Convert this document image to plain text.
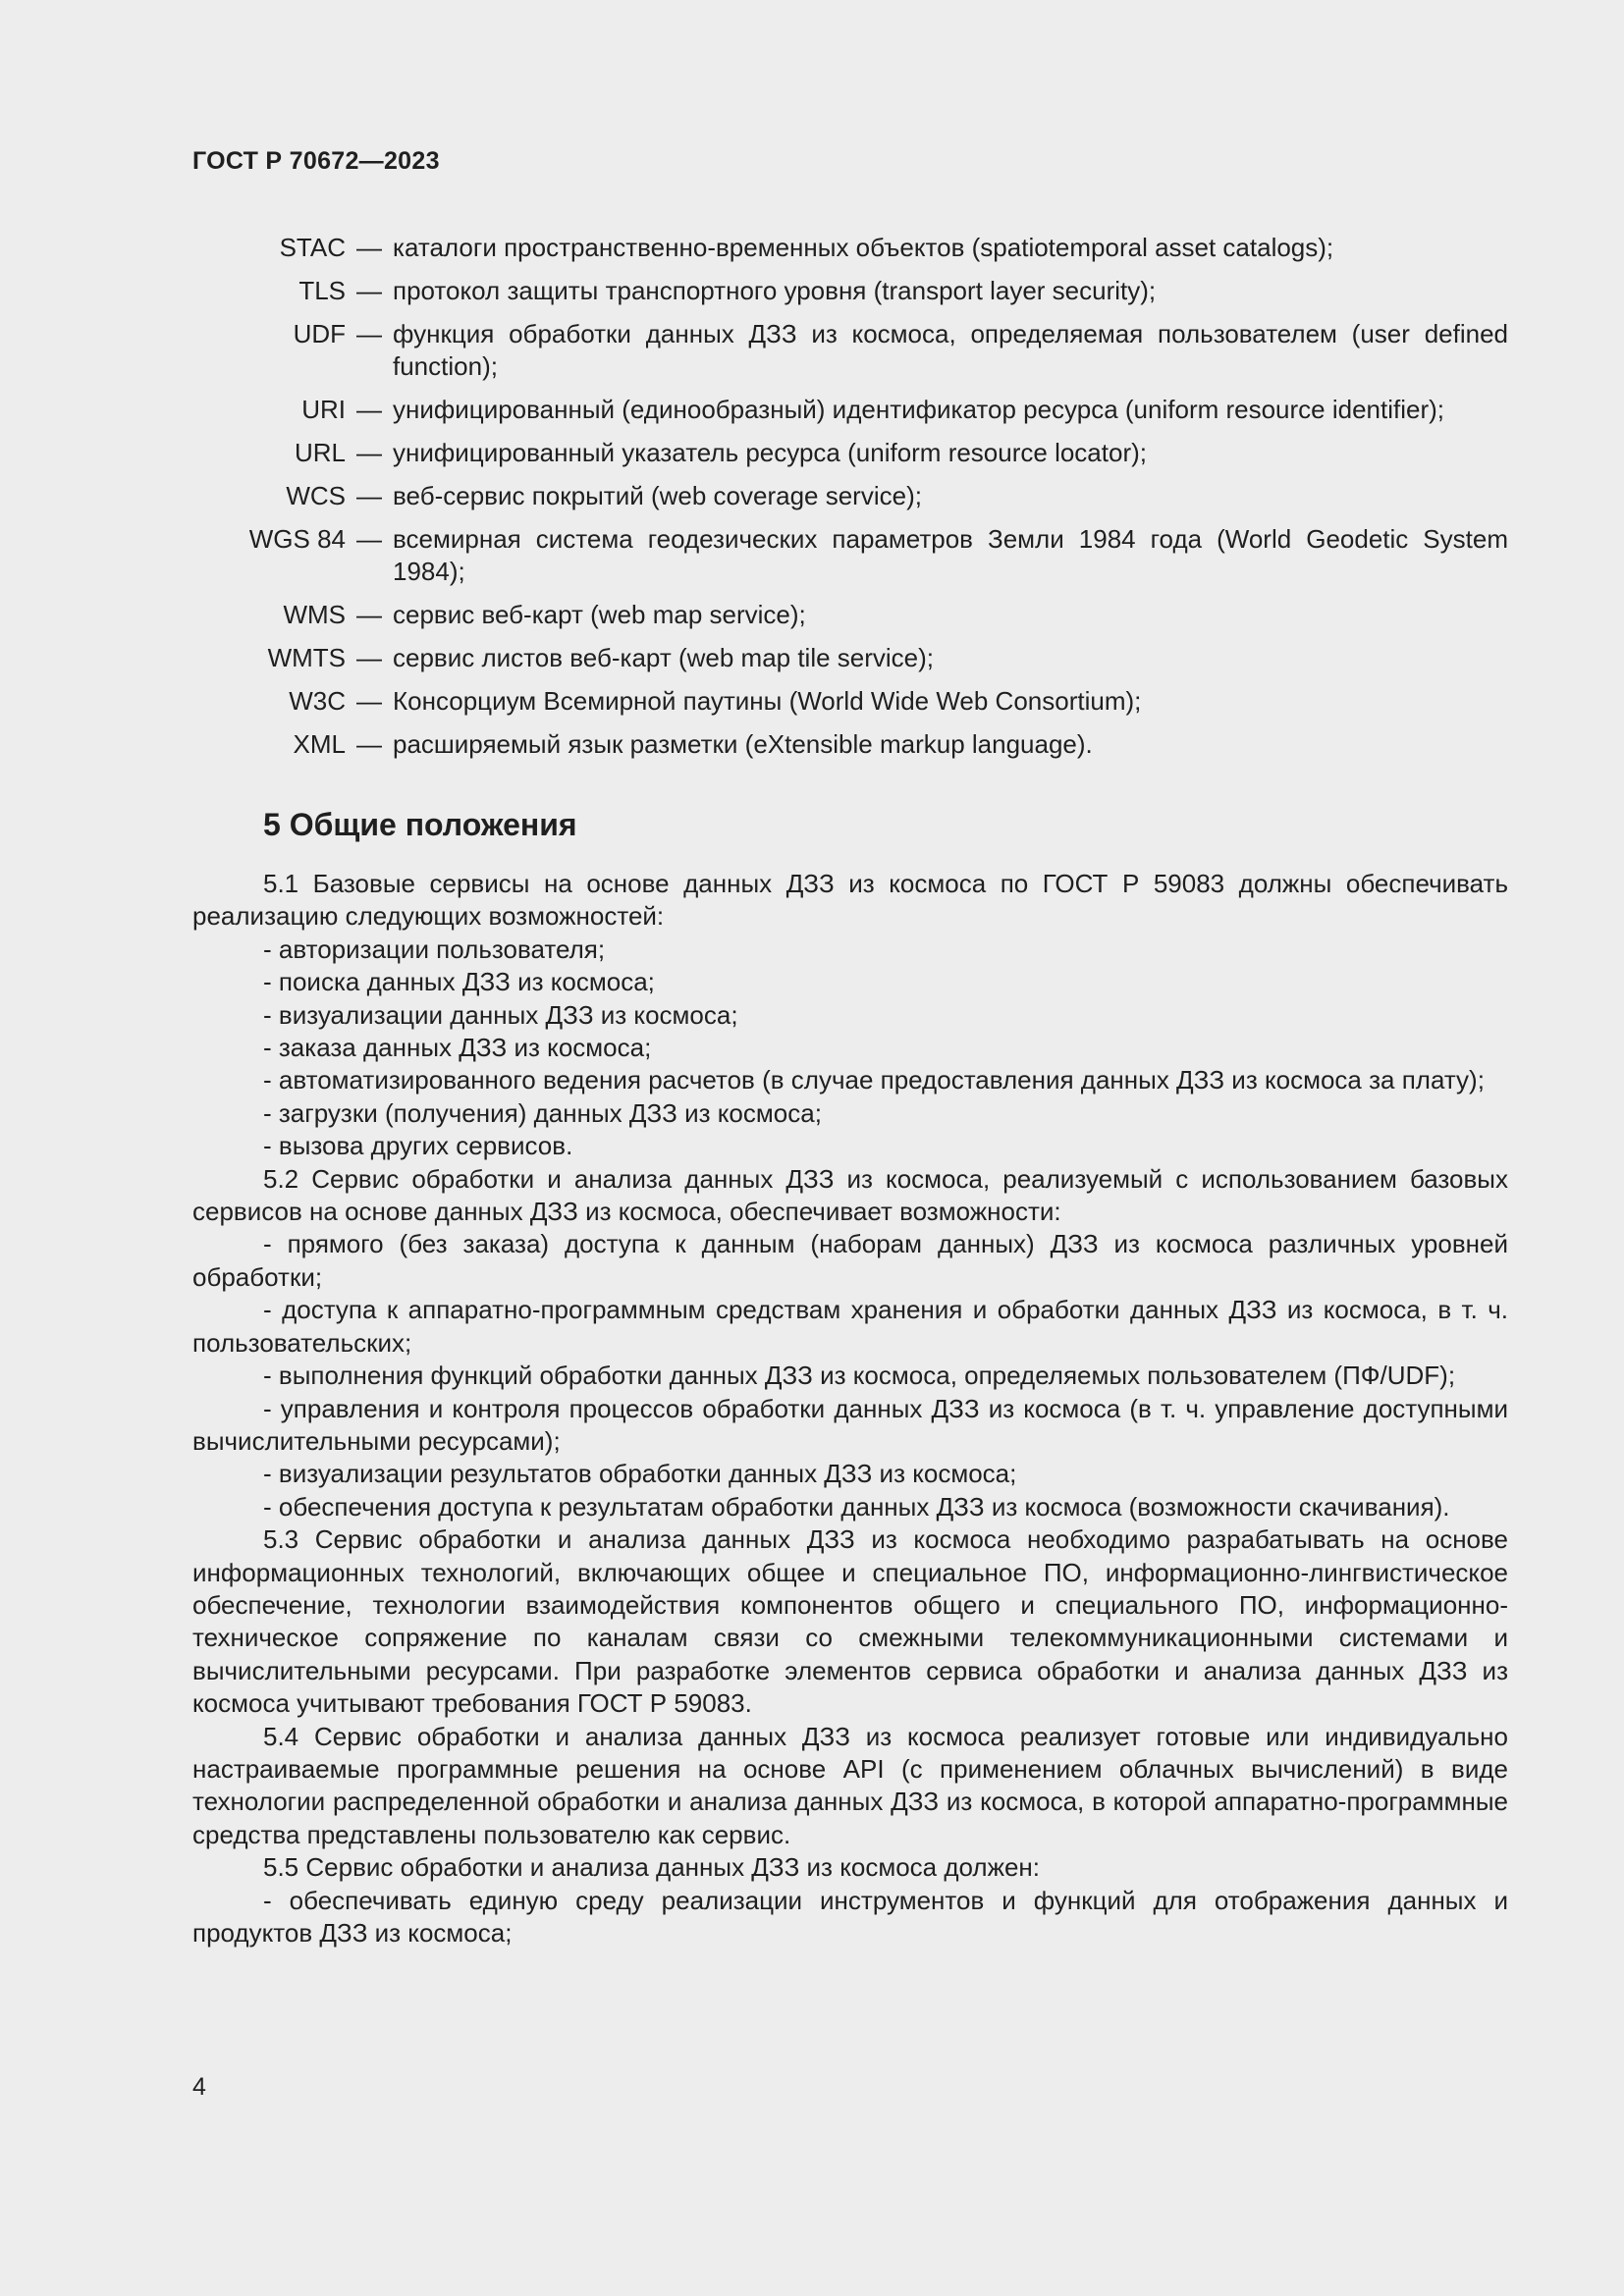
ГОСТ Р 70672—2023
STAC — каталоги пространственно-временных объектов (spatiotemporal asset catalogs);
TLS — протокол защиты транспортного уровня (transport layer security);
UDF — функция обработки данных ДЗЗ из космоса, определяемая пользователем (user defined function);
URI — унифицированный (единообразный) идентификатор ресурса (uniform resource identifier);
URL — унифицированный указатель ресурса (uniform resource locator);
WCS — веб-сервис покрытий (web coverage service);
WGS 84 — всемирная система геодезических параметров Земли 1984 года (World Geodetic System 1984);
WMS — сервис веб-карт (web map service);
WMTS — сервис листов веб-карт (web map tile service);
W3C — Консорциум Всемирной паутины (World Wide Web Consortium);
XML — расширяемый язык разметки (eXtensible markup language).
5 Общие положения

5.1 Базовые сервисы на основе данных ДЗЗ из космоса по ГОСТ Р 59083 должны обеспечивать реализацию следующих возможностей:

- авторизации пользователя;

- поиска данных ДЗЗ из космоса;

- визуализации данных ДЗЗ из космоса;

- заказа данных ДЗЗ из космоса;

- автоматизированного ведения расчетов (в случае предоставления данных ДЗЗ из космоса за плату);

- загрузки (получения) данных ДЗЗ из космоса;

- вызова других сервисов.

5.2 Сервис обработки и анализа данных ДЗЗ из космоса, реализуемый с использованием базовых сервисов на основе данных ДЗЗ из космоса, обеспечивает возможности:

- прямого (без заказа) доступа к данным (наборам данных) ДЗЗ из космоса различных уровней обработки;

- доступа к аппаратно-программным средствам хранения и обработки данных ДЗЗ из космоса, в т. ч. пользовательских;

- выполнения функций обработки данных ДЗЗ из космоса, определяемых пользователем (ПФ/UDF);

- управления и контроля процессов обработки данных ДЗЗ из космоса (в т. ч. управление доступными вычислительными ресурсами);

- визуализации результатов обработки данных ДЗЗ из космоса;

- обеспечения доступа к результатам обработки данных ДЗЗ из космоса (возможности скачивания).

5.3 Сервис обработки и анализа данных ДЗЗ из космоса необходимо разрабатывать на основе информационных технологий, включающих общее и специальное ПО, информационно-лингвистическое обеспечение, технологии взаимодействия компонентов общего и специального ПО, информационно-техническое сопряжение по каналам связи со смежными телекоммуникационными системами и вычислительными ресурсами. При разработке элементов сервиса обработки и анализа данных ДЗЗ из космоса учитывают требования ГОСТ Р 59083.

5.4 Сервис обработки и анализа данных ДЗЗ из космоса реализует готовые или индивидуально настраиваемые программные решения на основе API (с применением облачных вычислений) в виде технологии распределенной обработки и анализа данных ДЗЗ из космоса, в которой аппаратно-программные средства представлены пользователю как сервис.

5.5 Сервис обработки и анализа данных ДЗЗ из космоса должен:

- обеспечивать единую среду реализации инструментов и функций для отображения данных и продуктов ДЗЗ из космоса;

4
